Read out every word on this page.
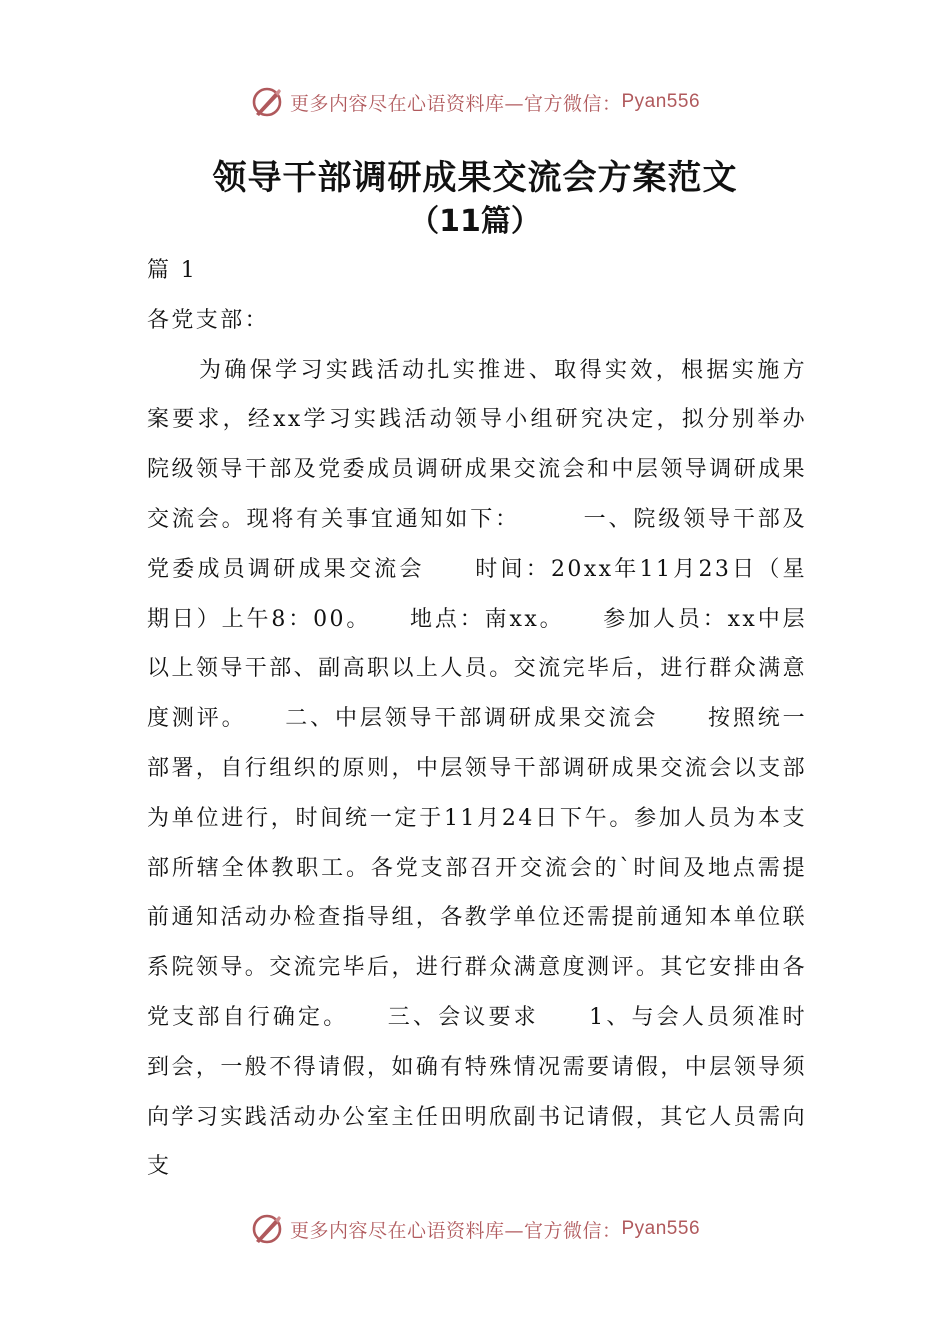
更多内容尽在心语资料库—官方微信： Pyan556
领导干部调研成果交流会方案范文
（11篇）

篇 1

各党支部：

为确保学习实践活动扎实推进、取得实效，根据实施方案要求，经xx学习实践活动领导小组研究决定，拟分别举办院级领导干部及党委成员调研成果交流会和中层领导调研成果交流会。现将有关事宜通知如下：　　　一、院级领导干部及党委成员调研成果交流会　　时间：20xx年11月23日（星期日）上午8：00。　　地点：南xx。　　参加人员：xx中层以上领导干部、副高职以上人员。交流完毕后，进行群众满意度测评。　　二、中层领导干部调研成果交流会　　按照统一部署，自行组织的原则，中层领导干部调研成果交流会以支部为单位进行，时间统一定于11月24日下午。参加人员为本支部所辖全体教职工。各党支部召开交流会的`时间及地点需提前通知活动办检查指导组，各教学单位还需提前通知本单位联系院领导。交流完毕后，进行群众满意度测评。其它安排由各党支部自行确定。　　三、会议要求　　1、与会人员须准时到会，一般不得请假，如确有特殊情况需要请假，中层领导须向学习实践活动办公室主任田明欣副书记请假，其它人员需向支

更多内容尽在心语资料库—官方微信： Pyan556
